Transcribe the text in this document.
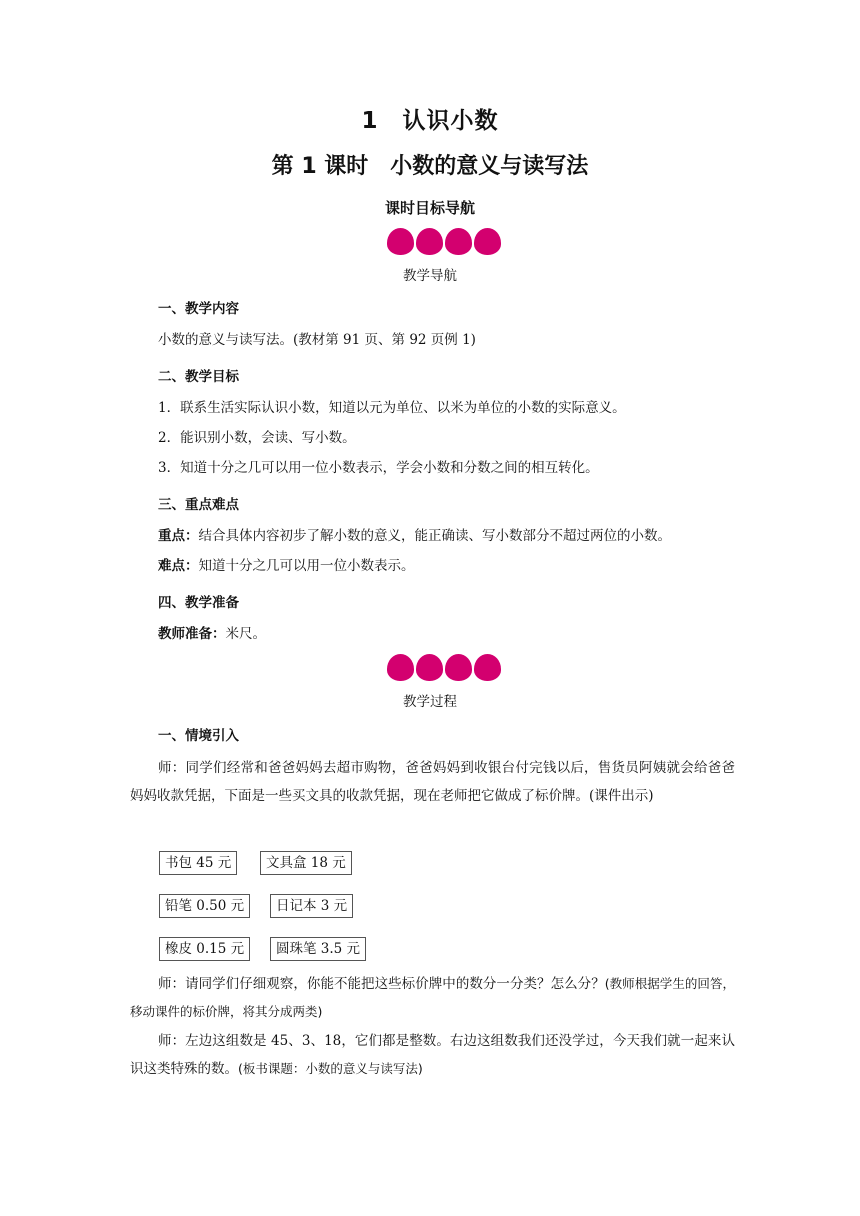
1　认识小数
第 1 课时　小数的意义与读写法
课时目标导航
教学导航
一、教学内容
小数的意义与读写法。(教材第 91 页、第 92 页例 1)
二、教学目标
1．联系生活实际认识小数，知道以元为单位、以米为单位的小数的实际意义。
2．能识别小数，会读、写小数。
3．知道十分之几可以用一位小数表示，学会小数和分数之间的相互转化。
三、重点难点
重点：结合具体内容初步了解小数的意义，能正确读、写小数部分不超过两位的小数。
难点：知道十分之几可以用一位小数表示。
四、教学准备
教师准备：米尺。
教学过程
一、情境引入
师：同学们经常和爸爸妈妈去超市购物，爸爸妈妈到收银台付完钱以后，售货员阿姨就会给爸爸妈妈收款凭据，下面是一些买文具的收款凭据，现在老师把它做成了标价牌。(课件出示)
书包 45 元	文具盒 18 元
铅笔 0.50 元	日记本 3 元
橡皮 0.15 元	圆珠笔 3.5 元
师：请同学们仔细观察，你能不能把这些标价牌中的数分一分类？怎么分？(教师根据学生的回答，移动课件的标价牌，将其分成两类)
师：左边这组数是 45、3、18，它们都是整数。右边这组数我们还没学过，今天我们就一起来认识这类特殊的数。(板书课题：小数的意义与读写法)
